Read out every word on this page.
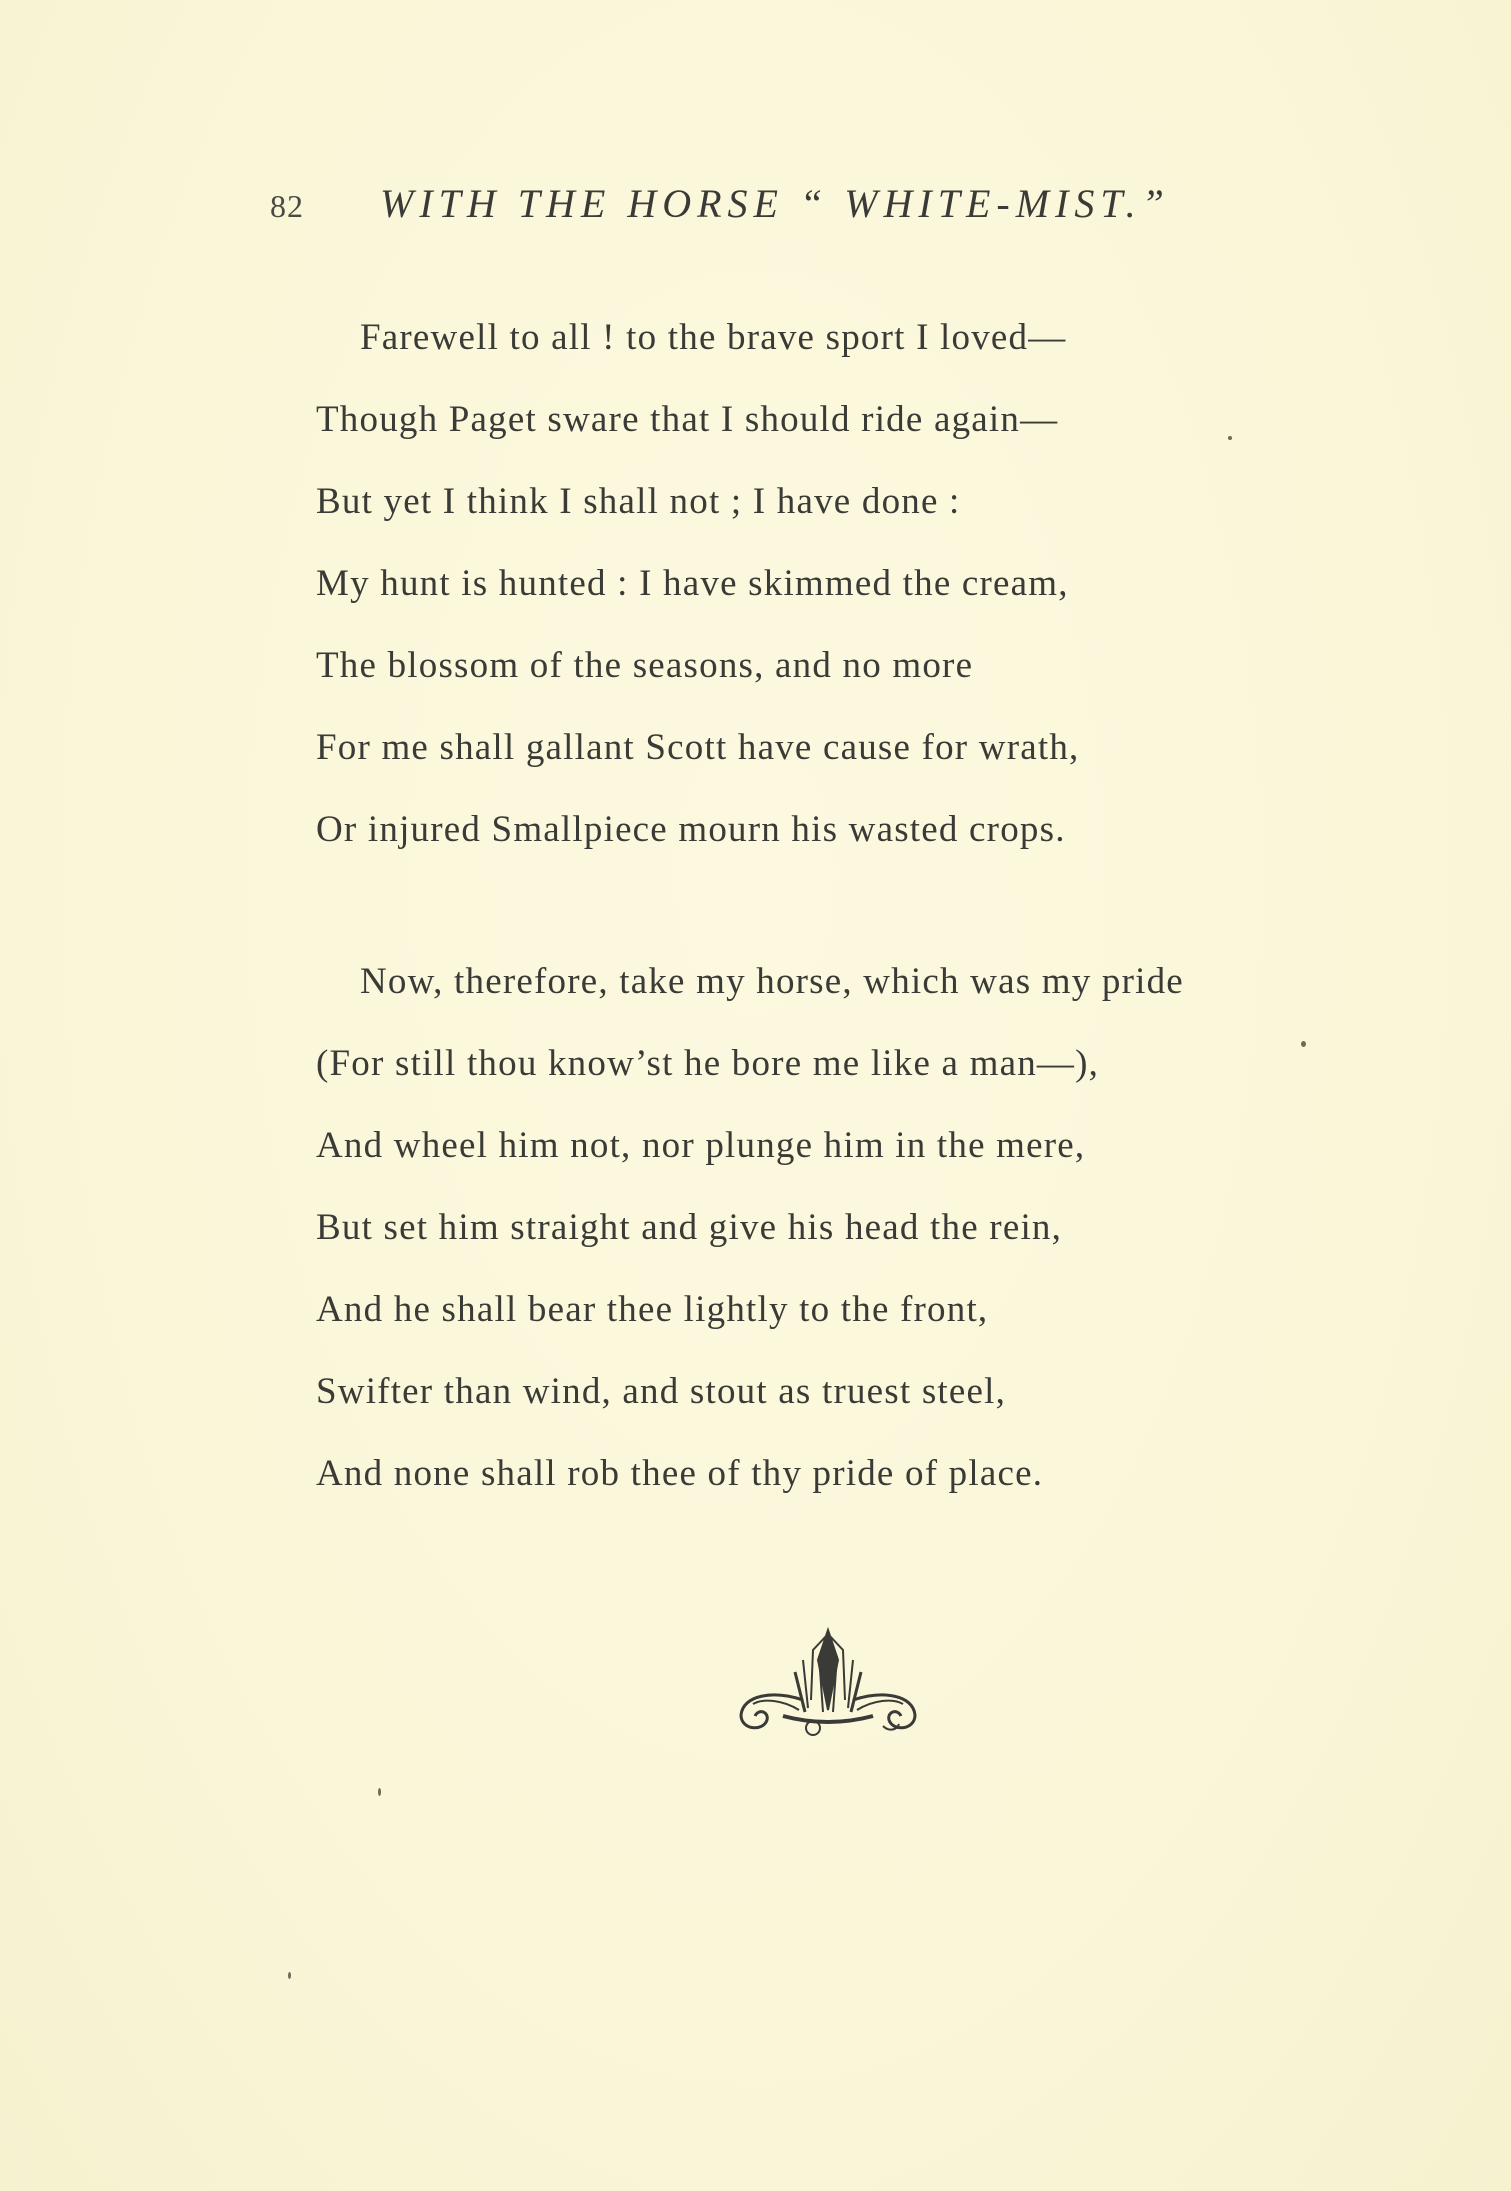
82 WITH THE HORSE “ WHITE-MIST.”
Farewell to all ! to the brave sport I loved—
Though Paget sware that I should ride again—
But yet I think I shall not ; I have done :
My hunt is hunted : I have skimmed the cream,
The blossom of the seasons, and no more
For me shall gallant Scott have cause for wrath,
Or injured Smallpiece mourn his wasted crops.
Now, therefore, take my horse, which was my pride
(For still thou know’st he bore me like a man—),
And wheel him not, nor plunge him in the mere,
But set him straight and give his head the rein,
And he shall bear thee lightly to the front,
Swifter than wind, and stout as truest steel,
And none shall rob thee of thy pride of place.
